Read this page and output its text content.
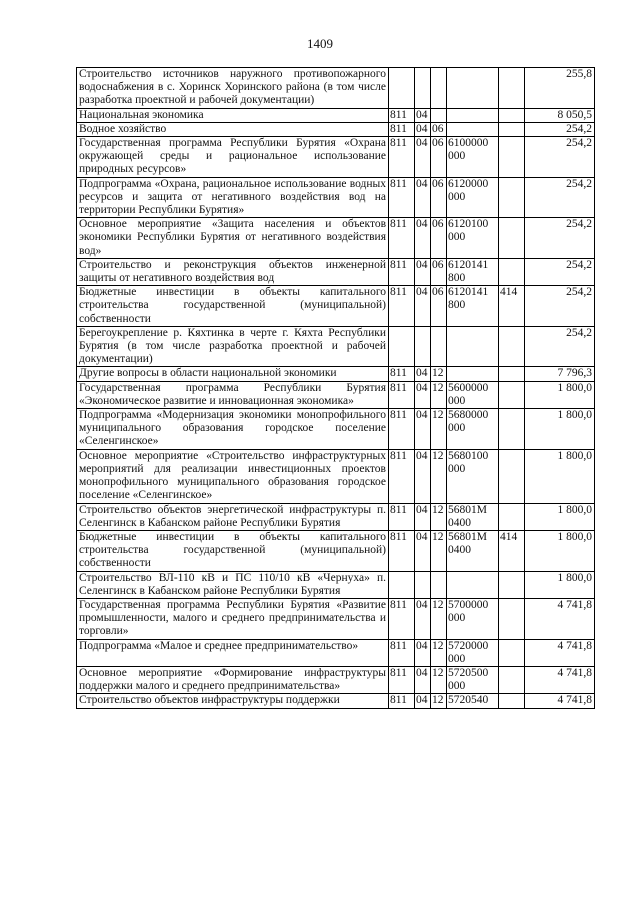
1409
Строительство источников наружного противопожарного водоснабжения в с. Хоринск Хоринского района (в том числе разработка проектной и рабочей документации)						255,8
Национальная экономика	811	04				8 050,5
Водное хозяйство	811	04	06			254,2
Государственная программа Республики Бурятия «Охрана окружающей среды и рациональное использование природных ресурсов»	811	04	06	6100000 000		254,2
Подпрограмма «Охрана, рациональное использование водных ресурсов и защита от негативного воздействия вод на территории Республики Бурятия»	811	04	06	6120000 000		254,2
Основное мероприятие «Защита населения и объектов экономики Республики Бурятия от негативного воздействия вод»	811	04	06	6120100 000		254,2
Строительство и реконструкция объектов инженерной защиты от негативного воздействия вод	811	04	06	6120141 800		254,2
Бюджетные инвестиции в объекты капитального строительства государственной (муниципальной) собственности	811	04	06	6120141 800	414	254,2
Берегоукрепление р. Кяхтинка в черте г. Кяхта Республики Бурятия (в том числе разработка проектной и рабочей документации)						254,2
Другие вопросы в области национальной экономики	811	04	12			7 796,3
Государственная программа Республики Бурятия «Экономическое развитие и инновационная экономика»	811	04	12	5600000 000		1 800,0
Подпрограмма «Модернизация экономики монопрофильного муниципального образования городское поселение «Селенгинское»	811	04	12	5680000 000		1 800,0
Основное мероприятие «Строительство инфраструктурных мероприятий для реализации инвестиционных проектов монопрофильного муниципального образования городское поселение «Селенгинское»	811	04	12	5680100 000		1 800,0
Строительство объектов энергетической инфраструктуры п. Селенгинск в Кабанском районе Республики Бурятия	811	04	12	56801М 0400		1 800,0
Бюджетные инвестиции в объекты капитального строительства государственной (муниципальной) собственности	811	04	12	56801М 0400	414	1 800,0
Строительство ВЛ-110 кВ и ПС 110/10 кВ «Чернуха» п. Селенгинск в Кабанском районе Республики Бурятия						1 800,0
Государственная программа Республики Бурятия «Развитие промышленности, малого и среднего предпринимательства и торговли»	811	04	12	5700000 000		4 741,8
Подпрограмма «Малое и среднее предпринимательство»	811	04	12	5720000 000		4 741,8
Основное мероприятие «Формирование инфраструктуры поддержки малого и среднего предпринимательства»	811	04	12	5720500 000		4 741,8
Строительство объектов инфраструктуры поддержки	811	04	12	5720540		4 741,8
